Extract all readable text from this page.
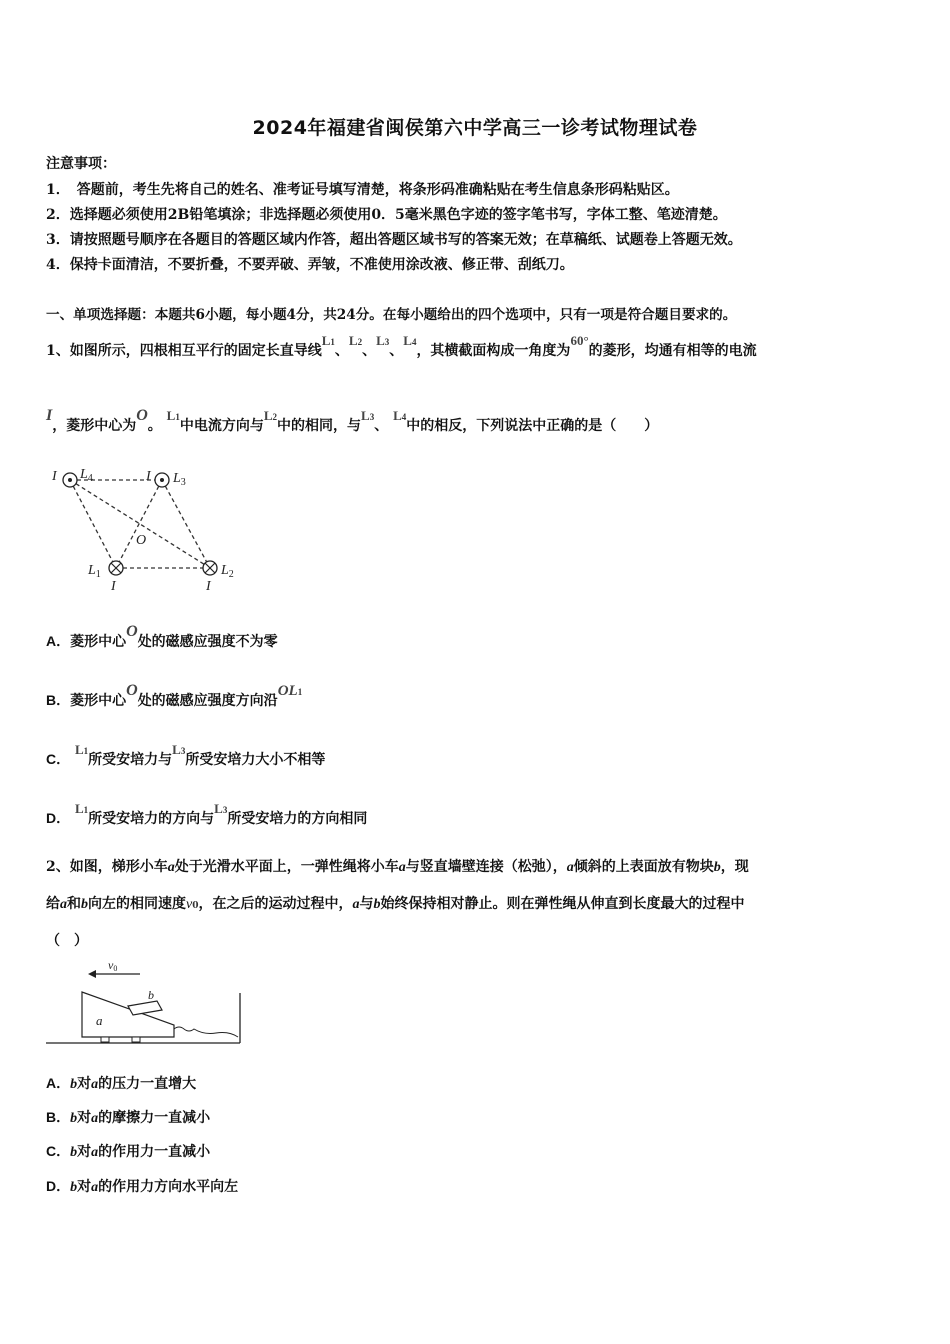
2024年福建省闽侯第六中学高三一诊考试物理试卷
注意事项：
1．　答题前，考生先将自己的姓名、准考证号填写清楚，将条形码准确粘贴在考生信息条形码粘贴区。
2．选择题必须使用2B铅笔填涂；非选择题必须使用0．5毫米黑色字迹的签字笔书写，字体工整、笔迹清楚。
3．请按照题号顺序在各题目的答题区域内作答，超出答题区域书写的答案无效；在草稿纸、试题卷上答题无效。
4．保持卡面清洁，不要折叠，不要弄破、弄皱，不准使用涂改液、修正带、刮纸刀。
一、单项选择题：本题共6小题，每小题4分，共24分。在每小题给出的四个选项中，只有一项是符合题目要求的。
1、如图所示，四根相互平行的固定长直导线L1、L2、L3、L4，其横截面构成一角度为60°的菱形，均通有相等的电流
I，菱形中心为O。 L1中电流方向与L2中的相同，与L3、 L4中的相反，下列说法中正确的是（　　）
I $L_4$	I $L_3$
O
$L_1$
I
$L_2$
I
A．菱形中心O处的磁感应强度不为零
B．菱形中心O处的磁感应强度方向沿OL1
C． L1所受安培力与L3所受安培力大小不相等
D． L1所受安培力的方向与L3所受安培力的方向相同
2、如图，梯形小车a处于光滑水平面上，一弹性绳将小车a与竖直墙壁连接（松弛），a倾斜的上表面放有物块b，现
给a和b向左的相同速度v0，在之后的运动过程中，a与b始终保持相对静止。则在弹性绳从伸直到长度最大的过程中
（　）
v0
b
a
A．b对a的压力一直增大
B．b对a的摩擦力一直减小
C．b对a的作用力一直减小
D．b对a的作用力方向水平向左
